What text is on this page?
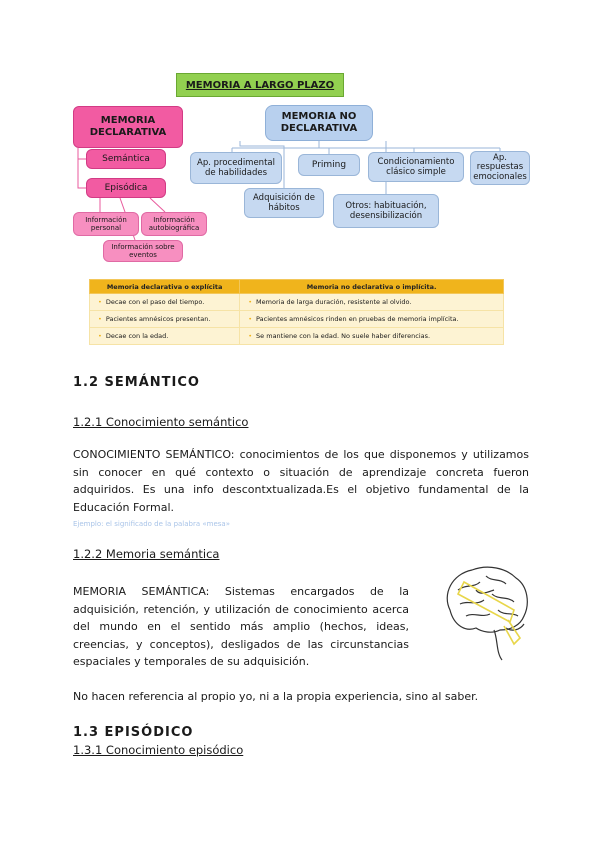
MEMORIA A LARGO PLAZO
MEMORIA
DECLARATIVA
Semántica
Episódica
Información personal
Información autobiográfica
Información sobre eventos
MEMORIA NO
DECLARATIVA
Ap. procedimental de habilidades
Priming	Condicionamiento clásico simple
Ap. respuestas emocionales
Adquisición de hábitos	Otros: habituación, desensibilización
Memoria declarativa o explícita	Memoria no declarativa o implícita.
• Decae con el paso del tiempo.	• Memoria de larga duración, resistente al olvido.
• Pacientes amnésicos presentan.	• Pacientes amnésicos rinden en pruebas de memoria implícita.
• Decae con la edad.	• Se mantiene con la edad. No suele haber diferencias.
1.2 SEMÁNTICO
1.2.1 Conocimiento semántico
CONOCIMIENTO SEMÁNTICO: conocimientos de los que disponemos y utilizamos sin conocer en qué contexto o situación de aprendizaje concreta fueron adquiridos. Es una info descontxtualizada.Es el objetivo fundamental de la Educación Formal.
Ejemplo: el significado de la palabra «mesa»
1.2.2 Memoria semántica
MEMORIA SEMÁNTICA: Sistemas encargados de la adquisición, retención, y utilización de conocimiento acerca del mundo en el sentido más amplio (hechos, ideas, creencias, y conceptos), desligados de las circunstancias espaciales y temporales de su adquisición.
No hacen referencia al propio yo, ni a la propia experiencia, sino al saber.
1.3 EPISÓDICO
1.3.1 Conocimiento episódico
